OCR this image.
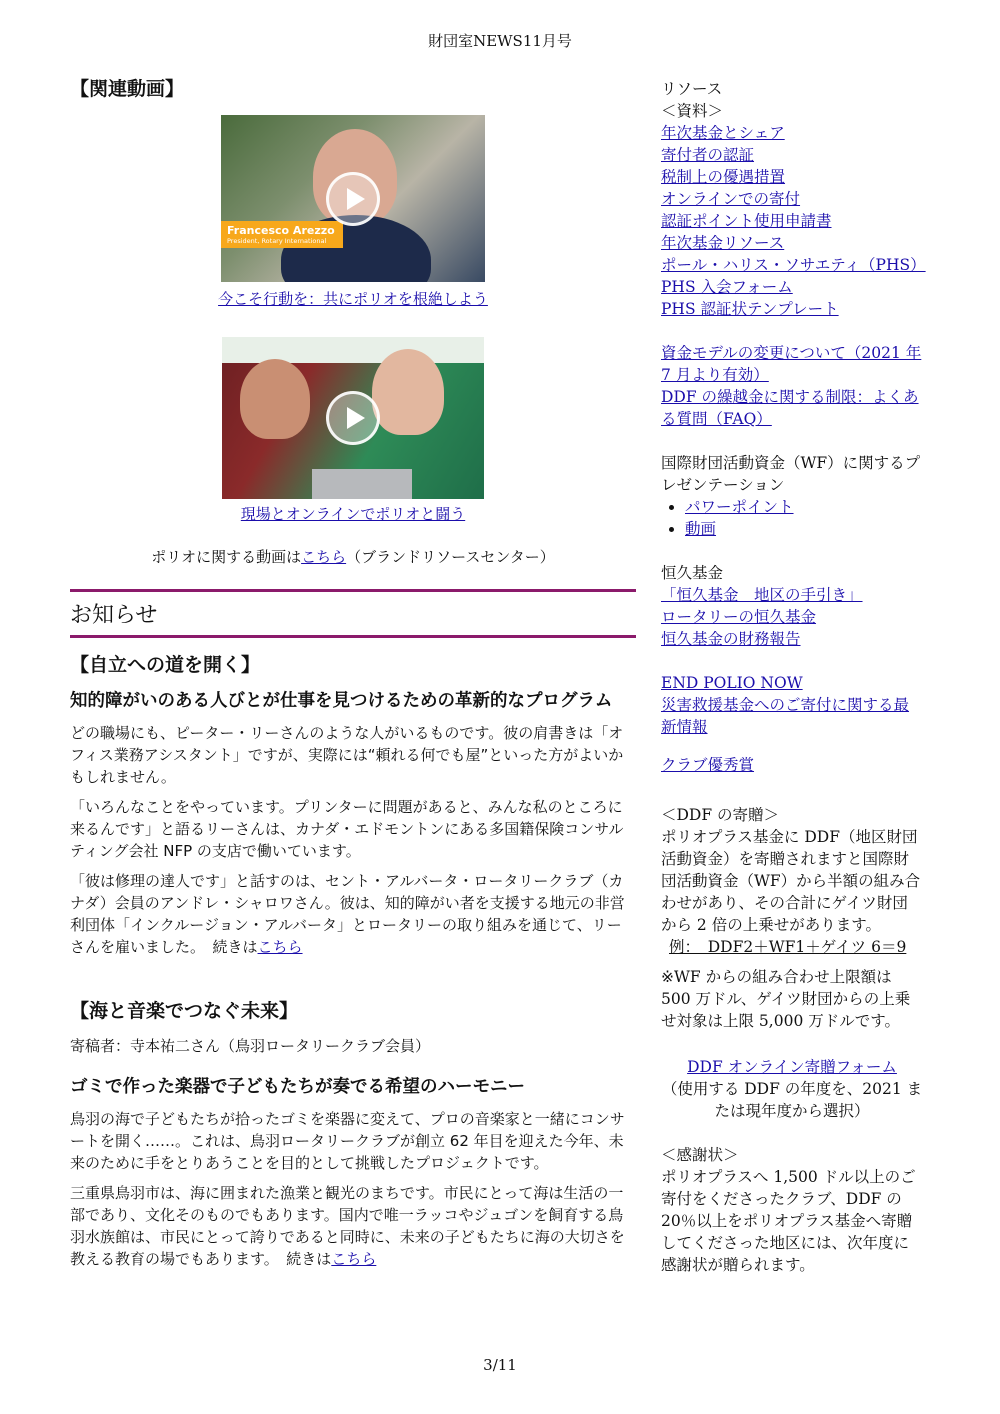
財団室NEWS11月号

【関連動画】

Francesco Arezzo
President, Rotary International
今こそ行動を：共にポリオを根絶しよう
現場とオンラインでポリオと闘う
ポリオに関する動画はこちら（ブランドリソースセンター）
お知らせ

【自立への道を開く】

知的障がいのある人びとが仕事を見つけるための革新的なプログラム

どの職場にも、ピーター・リーさんのような人がいるものです。彼の肩書きは「オフィス業務アシスタント」ですが、実際には“頼れる何でも屋”といった方がよいかもしれません。

「いろんなことをやっています。プリンターに問題があると、みんな私のところに来るんです」と語るリーさんは、カナダ・エドモントンにある多国籍保険コンサルティング会社 NFP の支店で働いています。

「彼は修理の達人です」と話すのは、セント・アルバータ・ロータリークラブ（カナダ）会員のアンドレ・シャロワさん。彼は、知的障がい者を支援する地元の非営利団体「インクルージョン・アルバータ」とロータリーの取り組みを通じて、リーさんを雇いました。　続きはこちら

【海と音楽でつなぐ未来】

寄稿者：寺本祐二さん（鳥羽ロータリークラブ会員）

ゴミで作った楽器で子どもたちが奏でる希望のハーモニー

鳥羽の海で子どもたちが拾ったゴミを楽器に変えて、プロの音楽家と一緒にコンサートを開く……。これは、鳥羽ロータリークラブが創立 62 年目を迎えた今年、未来のために手をとりあうことを目的として挑戦したプロジェクトです。

三重県鳥羽市は、海に囲まれた漁業と観光のまちです。市民にとって海は生活の一部であり、文化そのものでもあります。国内で唯一ラッコやジュゴンを飼育する鳥羽水族館は、市民にとって誇りであると同時に、未来の子どもたちに海の大切さを教える教育の場でもあります。　続きはこちら

リソース

＜資料＞

年次基金とシェア

寄付者の認証

税制上の優遇措置

オンラインでの寄付

認証ポイント使用申請書

年次基金リソース

ポール・ハリス・ソサエティ（PHS）

PHS 入会フォーム

PHS 認証状テンプレート

資金モデルの変更について（2021 年 7 月より有効）

DDF の繰越金に関する制限：よくある質問（FAQ）

国際財団活動資金（WF）に関するプレゼンテーション

• パワーポイント
• 動画

恒久基金

「恒久基金　地区の手引き」

ロータリーの恒久基金

恒久基金の財務報告

END POLIO NOW

災害救援基金へのご寄付に関する最新情報

クラブ優秀賞

＜DDF の寄贈＞

ポリオプラス基金に DDF（地区財団活動資金）を寄贈されますと国際財団活動資金（WF）から半額の組み合わせがあり、その合計にゲイツ財団から 2 倍の上乗せがあります。

例：　DDF2＋WF1＋ゲイツ 6＝9

※WF からの組み合わせ上限額は 500 万ドル、ゲイツ財団からの上乗せ対象は上限 5,000 万ドルです。

DDF オンライン寄贈フォーム

（使用する DDF の年度を、2021 または現年度から選択）

＜感謝状＞

ポリオプラスへ 1,500 ドル以上のご寄付をくださったクラブ、DDF の 20％以上をポリオプラス基金へ寄贈してくださった地区には、次年度に感謝状が贈られます。

3/11
